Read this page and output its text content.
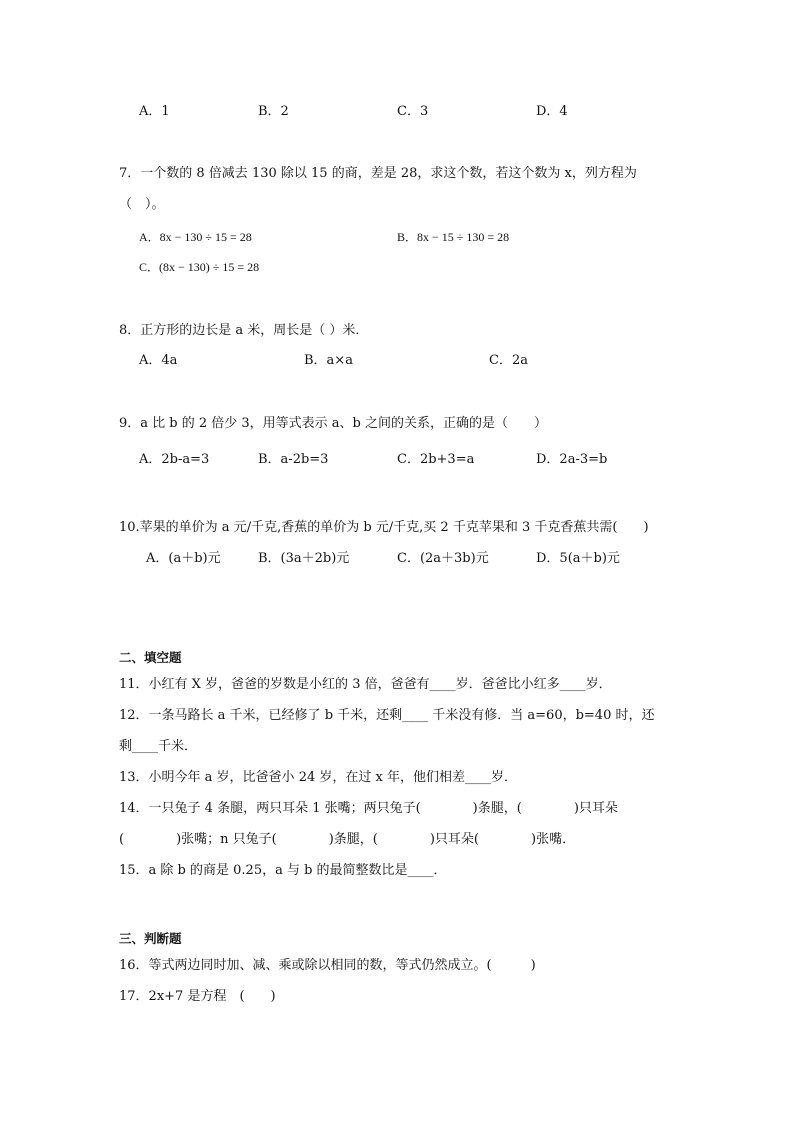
A．1	B．2	C．3	D．4
7．一个数的 8 倍减去 130 除以 15 的商，差是 28，求这个数，若这个数为 x，列方程为
（　）。
A．8x − 130 ÷ 15 = 28	B．8x − 15 ÷ 130 = 28
C．(8x − 130) ÷ 15 = 28
8．正方形的边长是 a 米，周长是（ ）米．
A．4a	B．a×a	C．2a
9．a 比 b 的 2 倍少 3，用等式表示 a、b 之间的关系，正确的是（　　）
A．2b-a=3	B．a-2b=3	C．2b+3=a	D．2a-3=b
10.苹果的单价为 a 元/千克,香蕉的单价为 b 元/千克,买 2 千克苹果和 3 千克香蕉共需(　　)
A．(a＋b)元	B．(3a＋2b)元	C．(2a＋3b)元	D．5(a＋b)元
二、填空题
11．小红有 X 岁，爸爸的岁数是小红的 3 倍，爸爸有____岁．爸爸比小红多____岁．
12．一条马路长 a 千米，已经修了 b 千米，还剩____ 千米没有修．当 a=60，b=40 时，还
剩____千米．
13．小明今年 a 岁，比爸爸小 24 岁，在过 x 年，他们相差____岁．
14．一只兔子 4 条腿，两只耳朵 1 张嘴；两只兔子(　　　　)条腿，(　　　　)只耳朵
(　　　　)张嘴；n 只兔子(　　　　)条腿，(　　　　)只耳朵(　　　　)张嘴．
15．a 除 b 的商是 0.25，a 与 b 的最简整数比是____．
三、判断题
16．等式两边同时加、减、乘或除以相同的数，等式仍然成立。(　　　)
17．2x+7 是方程　(　　)
